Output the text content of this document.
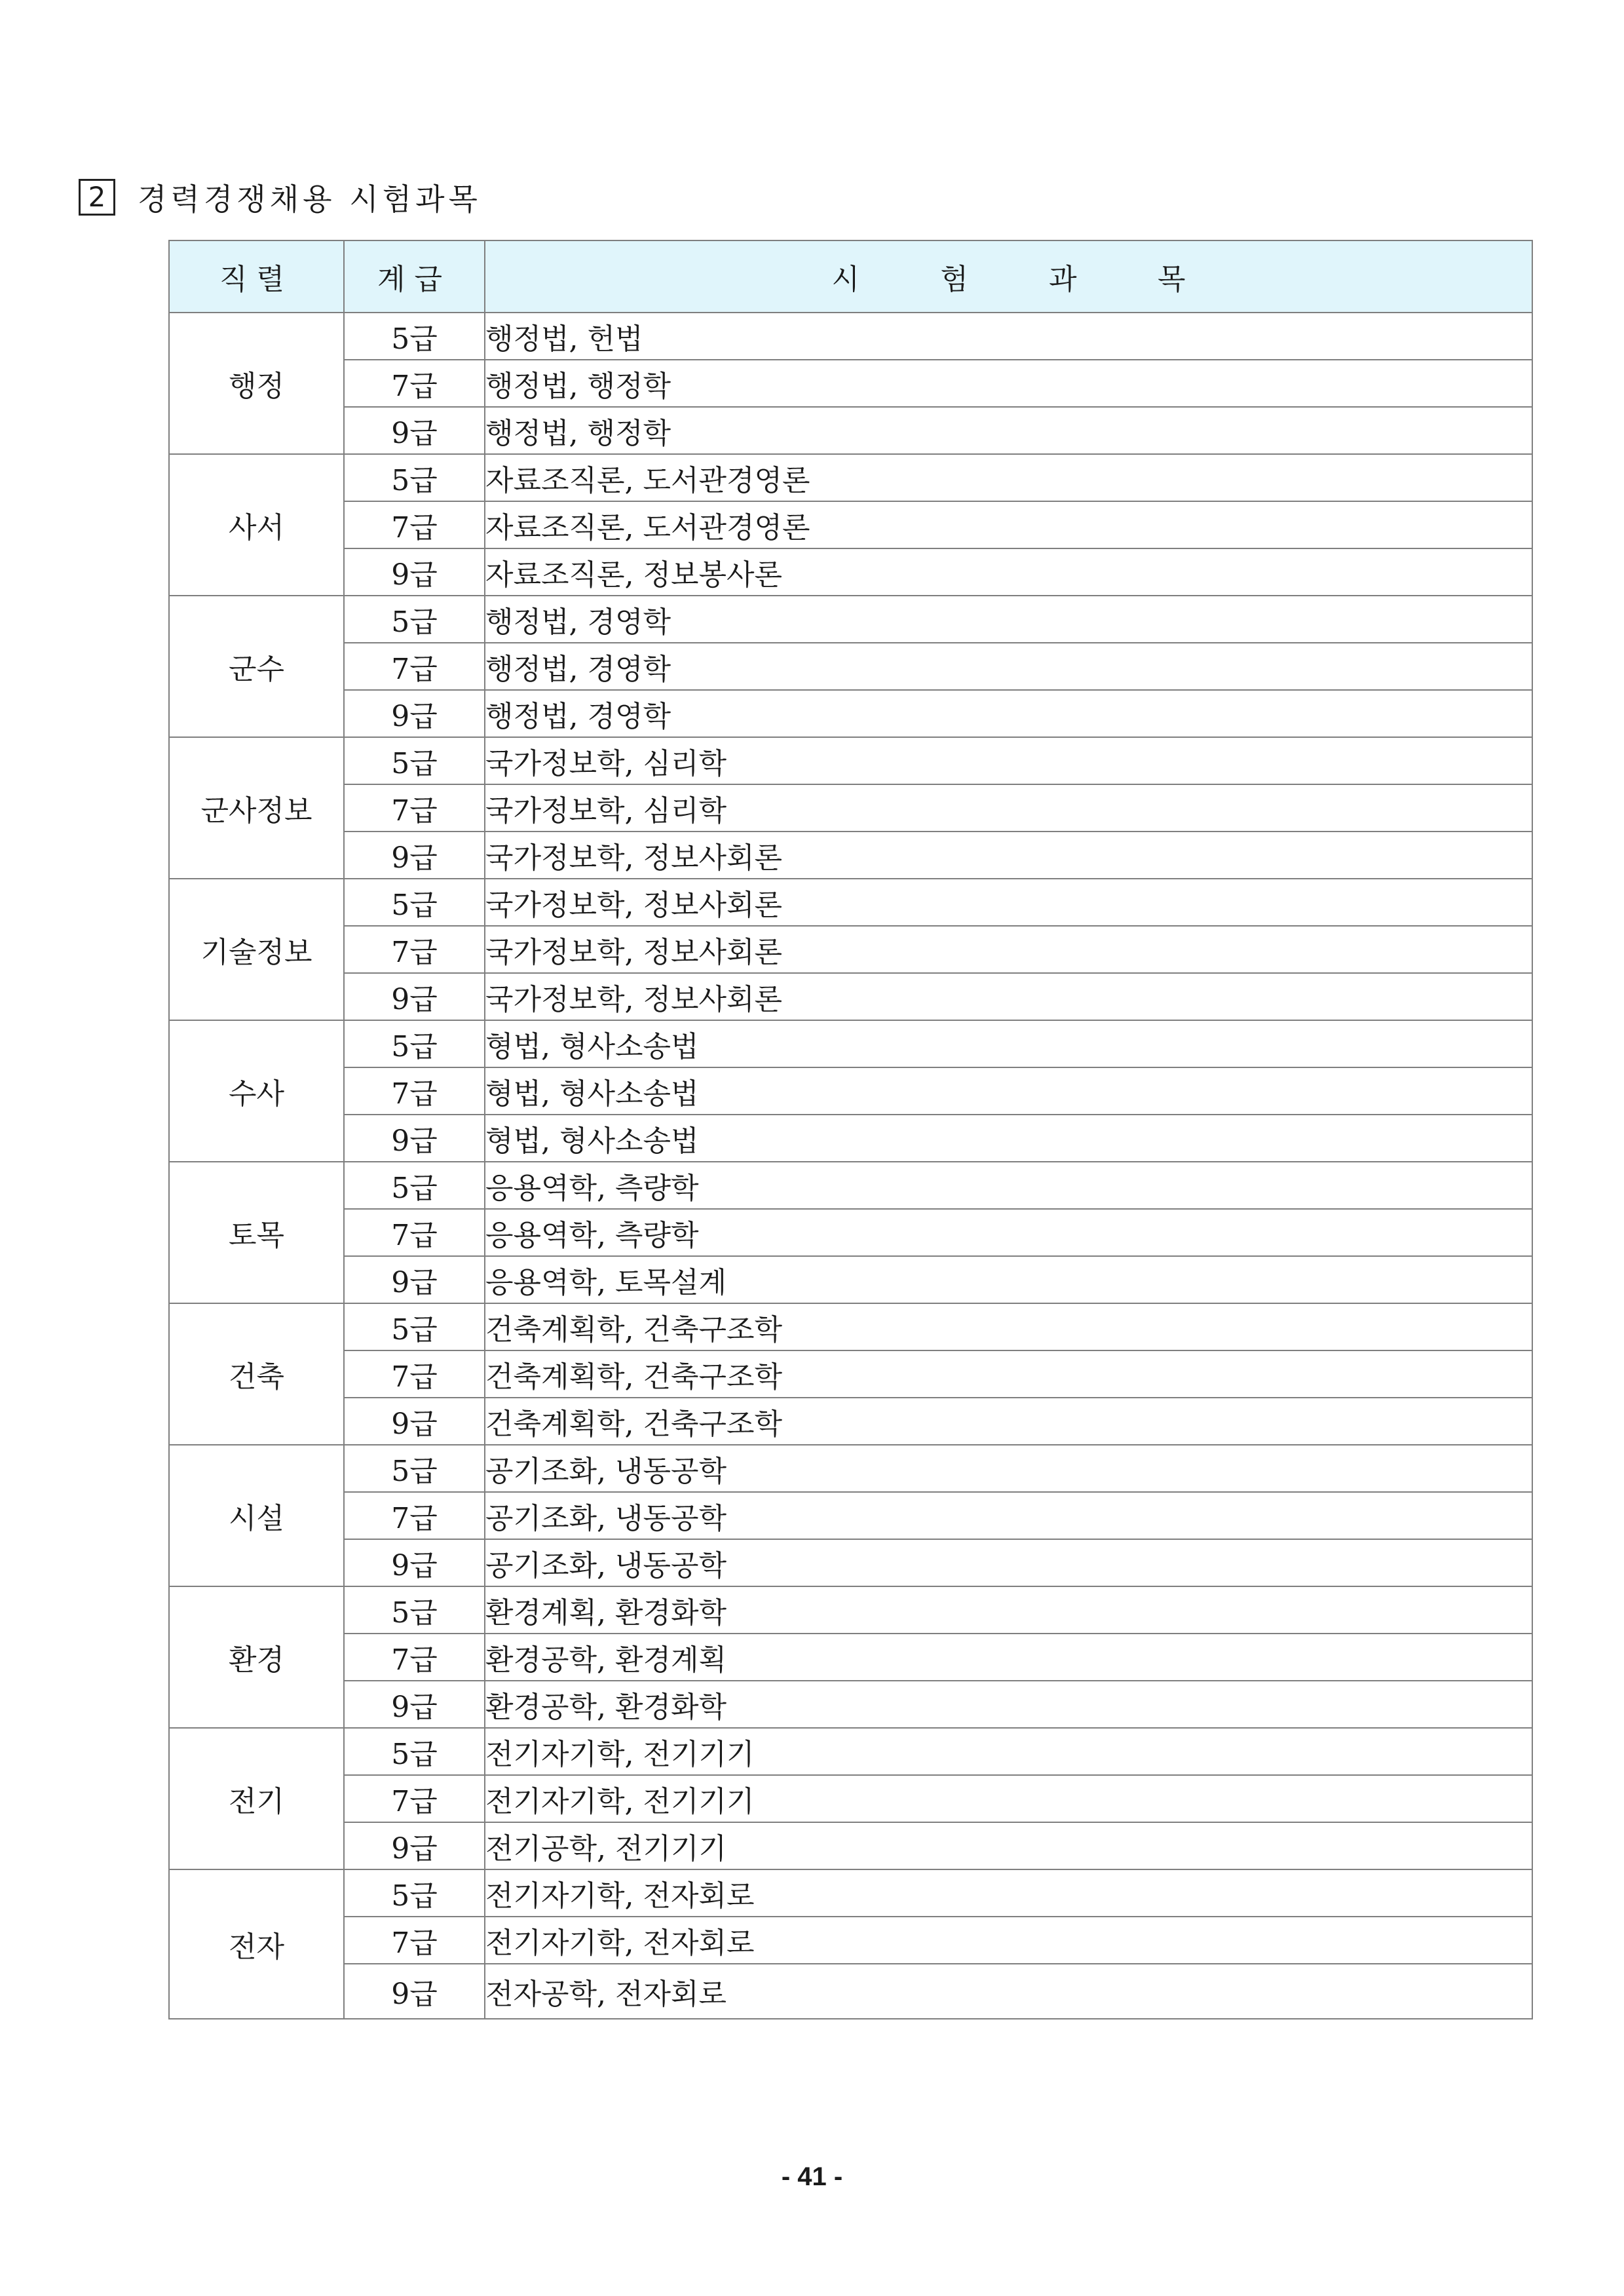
2	경력경쟁채용 시험과목
직렬	계급	시 험 과 목

행정	5급	행정법, 헌법
	7급	행정법, 행정학
	9급	행정법, 행정학
사서	5급	자료조직론, 도서관경영론
	7급	자료조직론, 도서관경영론
	9급	자료조직론, 정보봉사론
군수	5급	행정법, 경영학
	7급	행정법, 경영학
	9급	행정법, 경영학
군사정보	5급	국가정보학, 심리학
	7급	국가정보학, 심리학
	9급	국가정보학, 정보사회론
기술정보	5급	국가정보학, 정보사회론
	7급	국가정보학, 정보사회론
	9급	국가정보학, 정보사회론
수사	5급	형법, 형사소송법
	7급	형법, 형사소송법
	9급	형법, 형사소송법
토목	5급	응용역학, 측량학
	7급	응용역학, 측량학
	9급	응용역학, 토목설계
건축	5급	건축계획학, 건축구조학
	7급	건축계획학, 건축구조학
	9급	건축계획학, 건축구조학
시설	5급	공기조화, 냉동공학
	7급	공기조화, 냉동공학
	9급	공기조화, 냉동공학
환경	5급	환경계획, 환경화학
	7급	환경공학, 환경계획
	9급	환경공학, 환경화학
전기	5급	전기자기학, 전기기기
	7급	전기자기학, 전기기기
	9급	전기공학, 전기기기
전자	5급	전기자기학, 전자회로
	7급	전기자기학, 전자회로
	9급	전자공학, 전자회로
- 41 -
